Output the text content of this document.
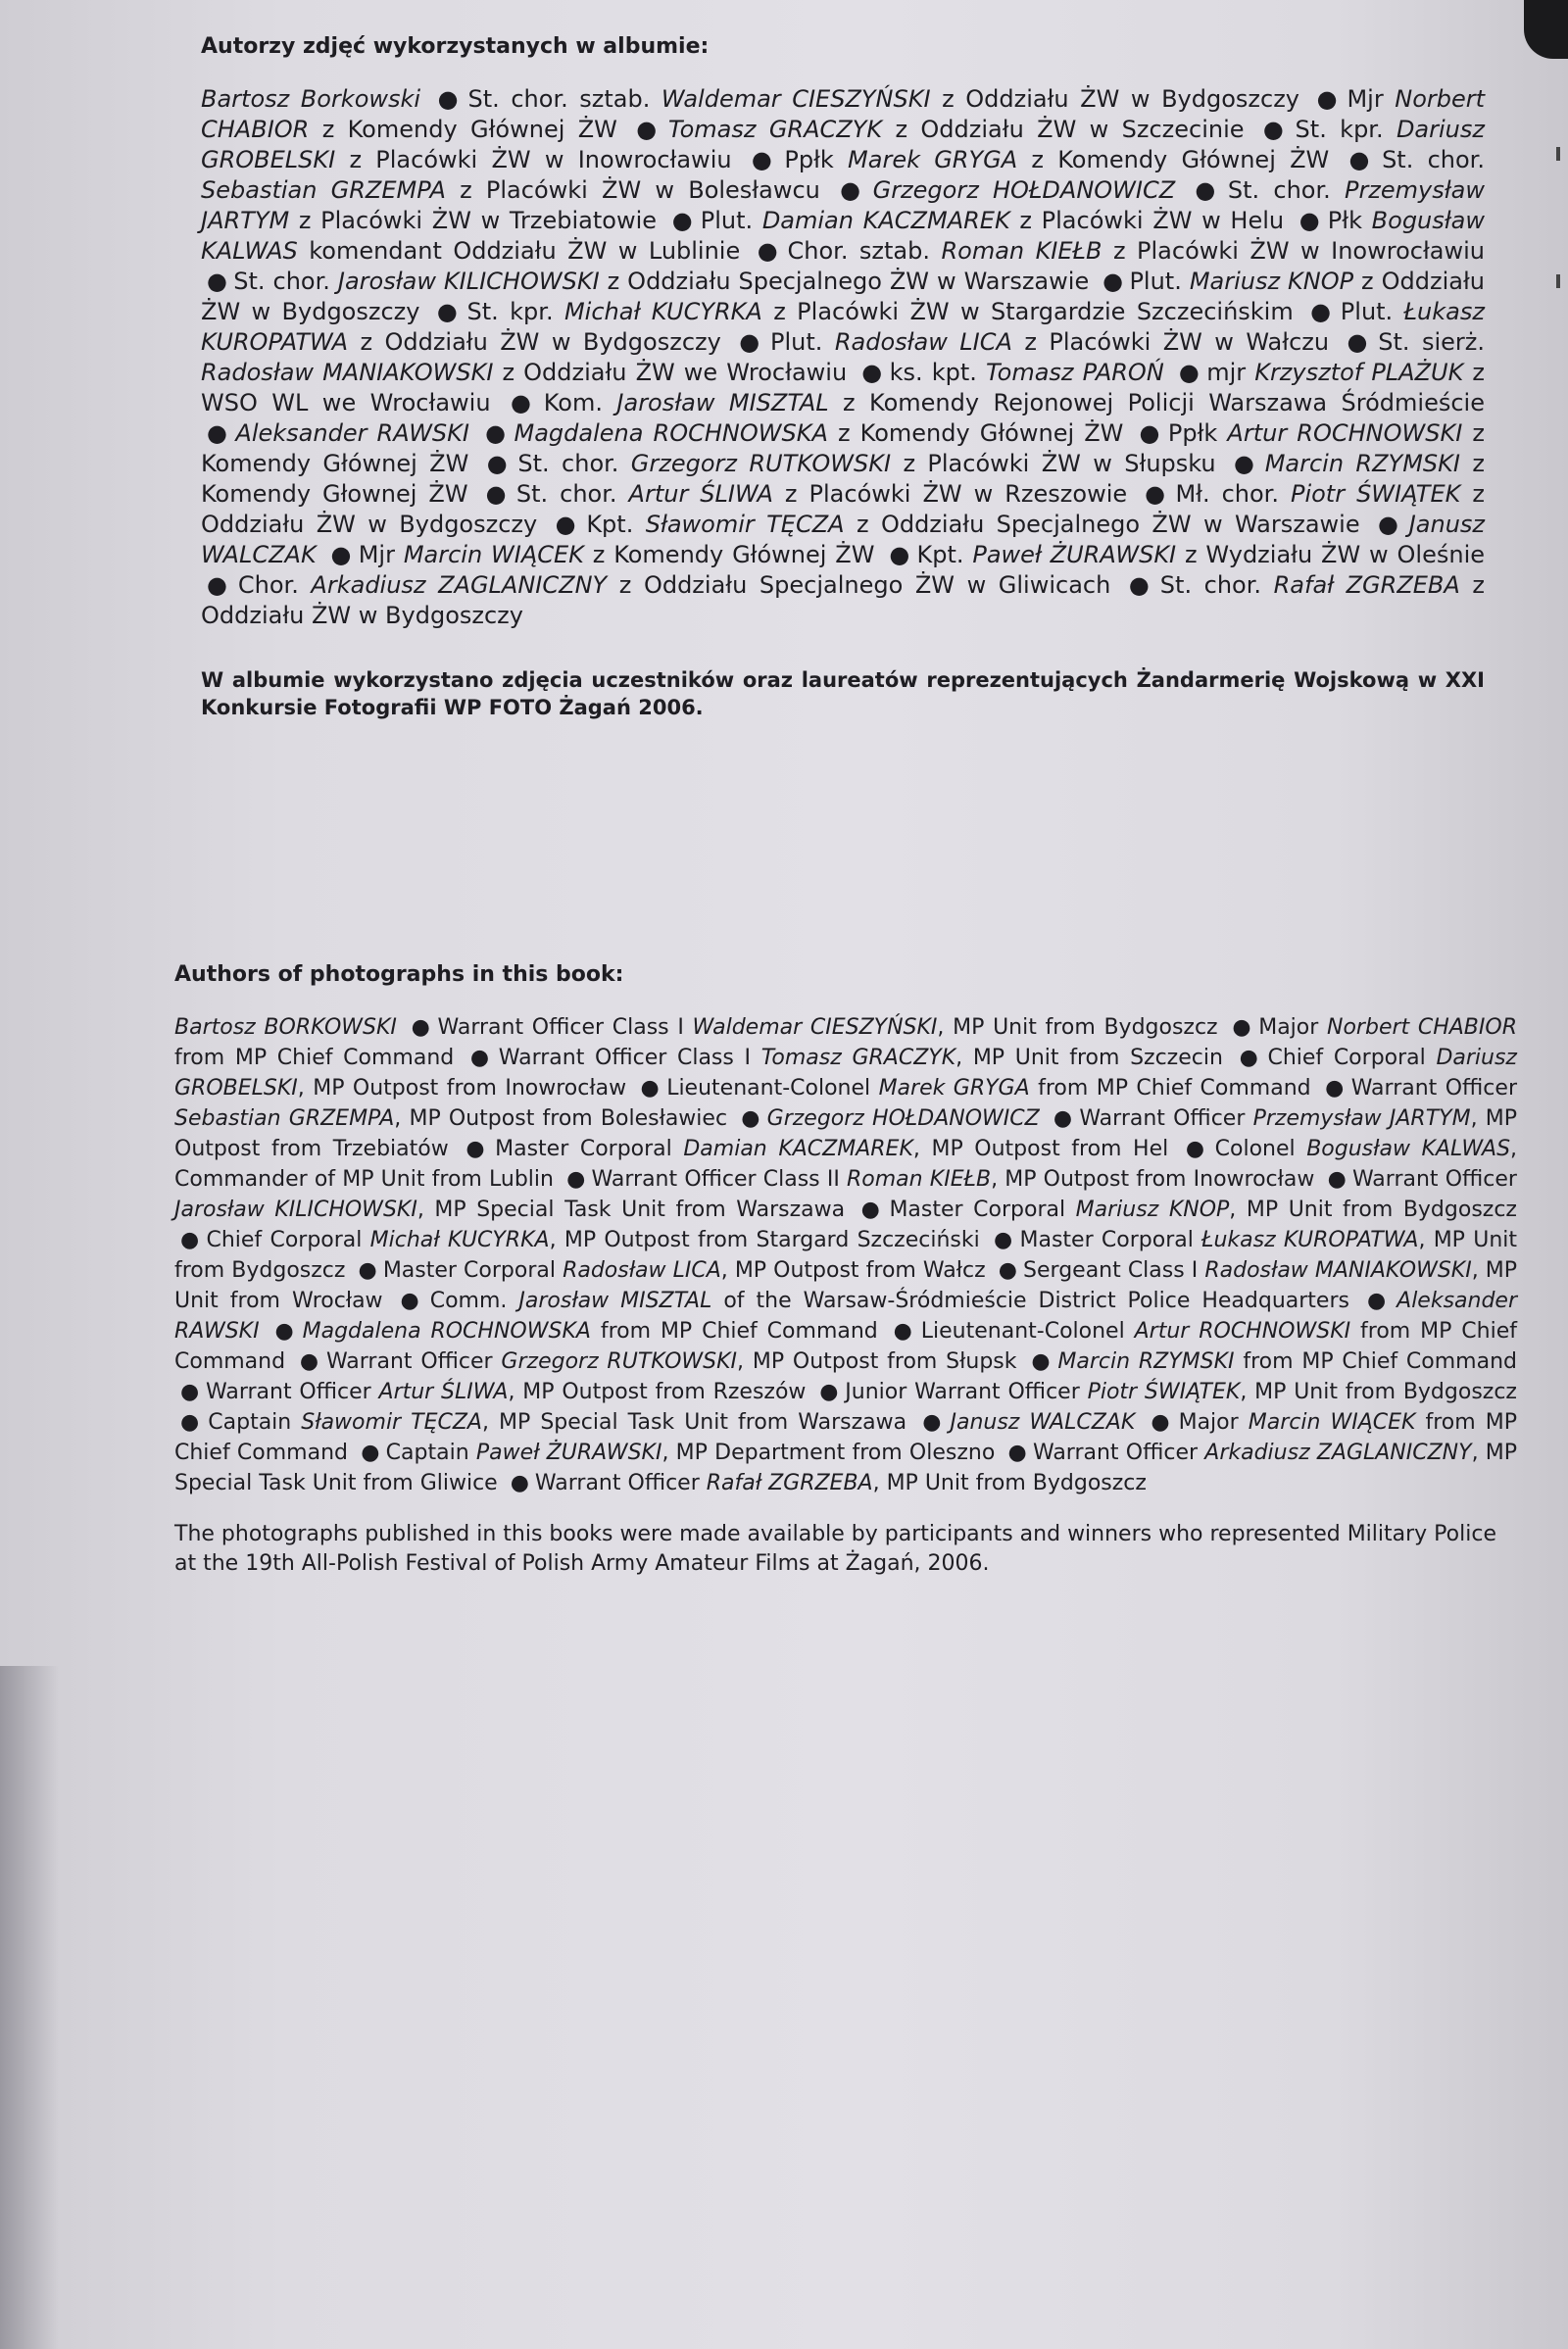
Autorzy zdjęć wykorzystanych w albumie:
Bartosz Borkowski ● St. chor. sztab. Waldemar CIESZYŃSKI z Oddziału ŻW w Bydgoszczy ● Mjr Norbert CHABIOR z Komendy Głównej ŻW ● Tomasz GRACZYK z Oddziału ŻW w Szczecinie ● St. kpr. Dariusz GROBELSKI z Placówki ŻW w Inowrocławiu ● Ppłk Marek GRYGA z Komendy Głównej ŻW ● St. chor. Sebastian GRZEMPA z Placówki ŻW w Bolesławcu ● Grzegorz HOŁDANOWICZ ● St. chor. Przemysław JARTYM z Placówki ŻW w Trzebiatowie ● Plut. Damian KACZMAREK z Placówki ŻW w Helu ● Płk Bogusław KALWAS komendant Oddziału ŻW w Lublinie ● Chor. sztab. Roman KIEŁB z Placówki ŻW w Inowrocławiu ● St. chor. Jarosław KILICHOWSKI z Oddziału Specjalnego ŻW w Warszawie ● Plut. Mariusz KNOP z Oddziału ŻW w Bydgoszczy ● St. kpr. Michał KUCYRKA z Placówki ŻW w Stargardzie Szczecińskim ● Plut. Łukasz KUROPATWA z Oddziału ŻW w Bydgoszczy ● Plut. Radosław LICA z Placówki ŻW w Wałczu ● St. sierż. Radosław MANIAKOWSKI z Oddziału ŻW we Wrocławiu ● ks. kpt. Tomasz PAROŃ ● mjr Krzysztof PLAŻUK z WSO WL we Wrocławiu ● Kom. Jarosław MISZTAL z Komendy Rejonowej Policji Warszawa Śródmieście ● Aleksander RAWSKI ● Magdalena ROCHNOWSKA z Komendy Głównej ŻW ● Ppłk Artur ROCHNOWSKI z Komendy Głównej ŻW ● St. chor. Grzegorz RUTKOWSKI z Placówki ŻW w Słupsku ● Marcin RZYMSKI z Komendy Głownej ŻW ● St. chor. Artur ŚLIWA z Placówki ŻW w Rzeszowie ● Mł. chor. Piotr ŚWIĄTEK z Oddziału ŻW w Bydgoszczy ● Kpt. Sławomir TĘCZA z Oddziału Specjalnego ŻW w Warszawie ● Janusz WALCZAK ● Mjr Marcin WIĄCEK z Komendy Głównej ŻW ● Kpt. Paweł ŻURAWSKI z Wydziału ŻW w Oleśnie ● Chor. Arkadiusz ZAGLANICZNY z Oddziału Specjalnego ŻW w Gliwicach ● St. chor. Rafał ZGRZEBA z Oddziału ŻW w Bydgoszczy
W albumie wykorzystano zdjęcia uczestników oraz laureatów reprezentujących Żandarmerię Wojskową w XXI Konkursie Fotografii WP FOTO Żagań 2006.
Authors of photographs in this book:
Bartosz BORKOWSKI ● Warrant Officer Class I Waldemar CIESZYŃSKI, MP Unit from Bydgoszcz ● Major Norbert CHABIOR from MP Chief Command ● Warrant Officer Class I Tomasz GRACZYK, MP Unit from Szczecin ● Chief Corporal Dariusz GROBELSKI, MP Outpost from Inowrocław ● Lieutenant-Colonel Marek GRYGA from MP Chief Command ● Warrant Officer Sebastian GRZEMPA, MP Outpost from Bolesławiec ● Grzegorz HOŁDANOWICZ ● Warrant Officer Przemysław JARTYM, MP Outpost from Trzebiatów ● Master Corporal Damian KACZMAREK, MP Outpost from Hel ● Colonel Bogusław KALWAS, Commander of MP Unit from Lublin ● Warrant Officer Class II Roman KIEŁB, MP Outpost from Inowrocław ● Warrant Officer Jarosław KILICHOWSKI, MP Special Task Unit from Warszawa ● Master Corporal Mariusz KNOP, MP Unit from Bydgoszcz ● Chief Corporal Michał KUCYRKA, MP Outpost from Stargard Szczeciński ● Master Corporal Łukasz KUROPATWA, MP Unit from Bydgoszcz ● Master Corporal Radosław LICA, MP Outpost from Wałcz ● Sergeant Class I Radosław MANIAKOWSKI, MP Unit from Wrocław ● Comm. Jarosław MISZTAL of the Warsaw-Śródmieście District Police Headquarters ● Aleksander RAWSKI ● Magdalena ROCHNOWSKA from MP Chief Command ● Lieutenant-Colonel Artur ROCHNOWSKI from MP Chief Command ● Warrant Officer Grzegorz RUTKOWSKI, MP Outpost from Słupsk ● Marcin RZYMSKI from MP Chief Command ● Warrant Officer Artur ŚLIWA, MP Outpost from Rzeszów ● Junior Warrant Officer Piotr ŚWIĄTEK, MP Unit from Bydgoszcz ● Captain Sławomir TĘCZA, MP Special Task Unit from Warszawa ● Janusz WALCZAK ● Major Marcin WIĄCEK from MP Chief Command ● Captain Paweł ŻURAWSKI, MP Department from Oleszno ● Warrant Officer Arkadiusz ZAGLANICZNY, MP Special Task Unit from Gliwice ● Warrant Officer Rafał ZGRZEBA, MP Unit from Bydgoszcz
The photographs published in this books were made available by participants and winners who represented Military Police at the 19th All-Polish Festival of Polish Army Amateur Films at Żagań, 2006.
